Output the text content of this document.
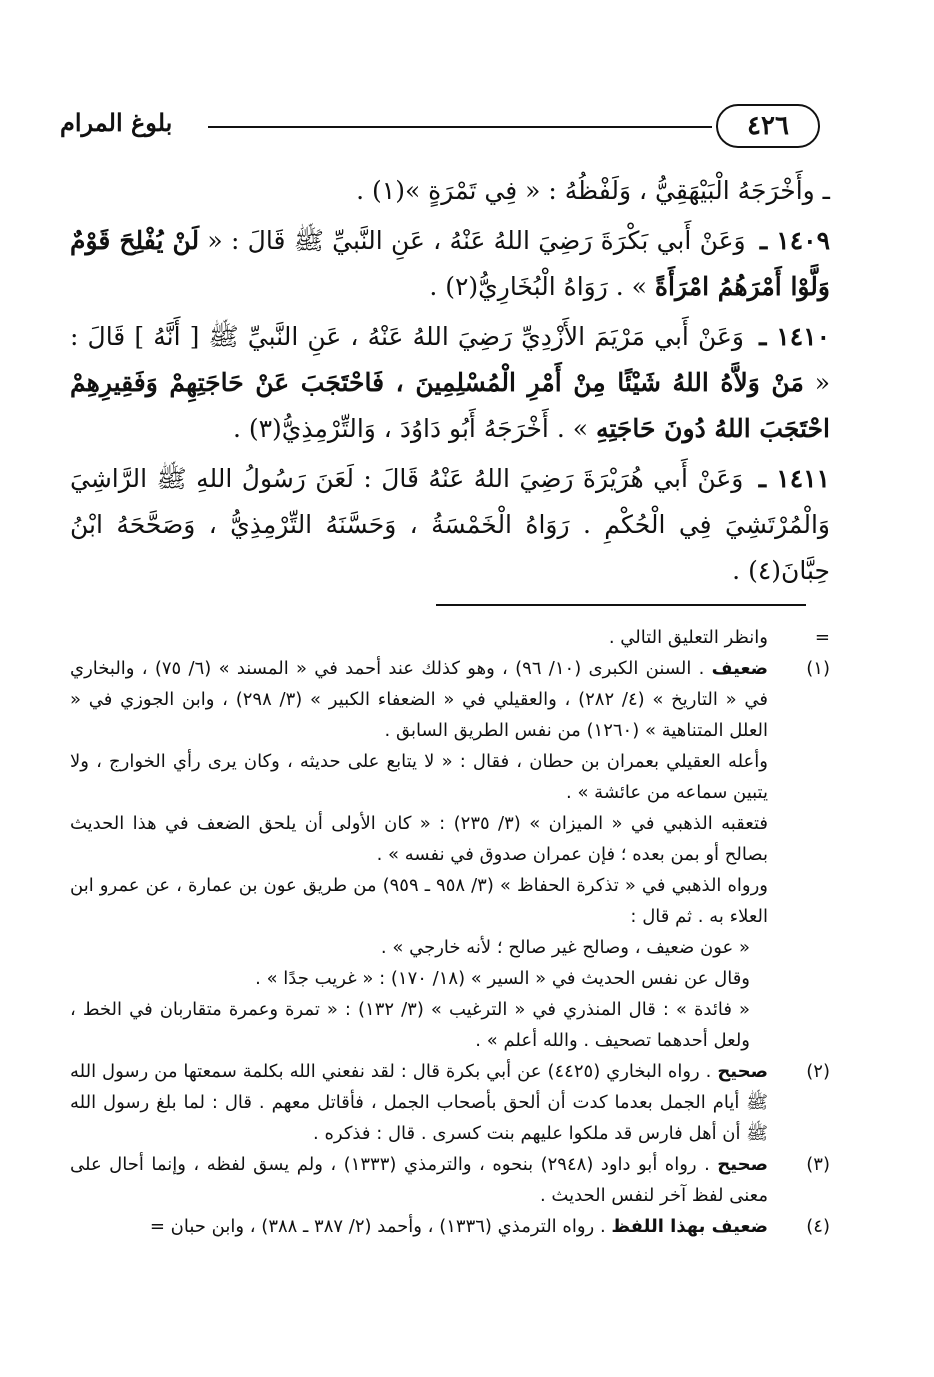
٤٢٦
بلوغ المرام

ـ وأَخْرَجَهُ الْبَيْهَقِيُّ ، وَلَفْظُهُ : « فِي تَمْرَةٍ »(١) .

١٤٠٩ ـ وَعَنْ أَبي بَكْرَةَ رَضِيَ اللهُ عَنْهُ ، عَنِ النَّبيِّ ﷺ قَالَ : « لَنْ يُفْلِحَ قَوْمٌ وَلَّوْا أَمْرَهُمُ امْرَأَةً » . رَوَاهُ الْبُخَارِيُّ(٢) .

١٤١٠ ـ وَعَنْ أَبي مَرْيَمَ الأَزْدِيِّ رَضِيَ اللهُ عَنْهُ ، عَنِ النَّبيِّ ﷺ [ أَنَّهُ ] قَالَ : « مَنْ وَلاَّهُ اللهُ شَيْئًا مِنْ أَمْرِ الْمُسْلِمِينَ ، فَاحْتَجَبَ عَنْ حَاجَتِهِمْ وَفَقِيرِهِمْ احْتَجَبَ اللهُ دُونَ حَاجَتِهِ » . أَخْرَجَهُ أَبُو دَاوُدَ ، وَالتِّرْمِذِيُّ(٣) .

١٤١١ ـ وَعَنْ أَبي هُرَيْرَةَ رَضِيَ اللهُ عَنْهُ قَالَ : لَعَنَ رَسُولُ اللهِ ﷺ الرَّاشِيَ وَالْمُرْتَشِيَ فِي الْحُكْمِ . رَوَاهُ الْخَمْسَةُ ، وَحَسَّنَهُ التِّرْمِذِيُّ ، وَصَحَّحَهُ ابْنُ حِبَّانَ(٤) .

=
وانظر التعليق التالي .
(١)
ضعيف . السنن الكبرى (١٠/ ٩٦) ، وهو كذلك عند أحمد في « المسند » (٦/ ٧٥) ، والبخاري في « التاريخ » (٤/ ٢٨٢) ، والعقيلي في « الضعفاء الكبير » (٣/ ٢٩٨) ، وابن الجوزي في « العلل المتناهية » (١٢٦٠) من نفس الطريق السابق .
وأعله العقيلي بعمران بن حطان ، فقال : « لا يتابع على حديثه ، وكان يرى رأي الخوارج ، ولا يتبين سماعه من عائشة » .
فتعقبه الذهبي في « الميزان » (٣/ ٢٣٥) : « كان الأولى أن يلحق الضعف في هذا الحديث بصالح أو بمن بعده ؛ فإن عمران صدوق في نفسه » .
ورواه الذهبي في « تذكرة الحفاظ » (٣/ ٩٥٨ ـ ٩٥٩) من طريق عون بن عمارة ، عن عمرو ابن العلاء به . ثم قال :
« عون ضعيف ، وصالح غير صالح ؛ لأنه خارجي » .
وقال عن نفس الحديث في « السير » (١٨/ ١٧٠) : « غريب جدًا » .
« فائدة » : قال المنذري في « الترغيب » (٣/ ١٣٢) : « تمرة وعمرة متقاربان في الخط ، ولعل أحدهما تصحيف . والله أعلم » .
(٢)
صحيح . رواه البخاري (٤٤٢٥) عن أبي بكرة قال : لقد نفعني الله بكلمة سمعتها من رسول الله ﷺ أيام الجمل بعدما كدت أن ألحق بأصحاب الجمل ، فأقاتل معهم . قال : لما بلغ رسول الله ﷺ أن أهل فارس قد ملكوا عليهم بنت كسرى . قال : فذكره .
(٣)
صحيح . رواه أبو داود (٢٩٤٨) بنحوه ، والترمذي (١٣٣٣) ، ولم يسق لفظه ، وإنما أحال على معنى لفظ آخر لنفس الحديث .
(٤)
ضعيف بهذا اللفظ . رواه الترمذي (١٣٣٦) ، وأحمد (٢/ ٣٨٧ ـ ٣٨٨) ، وابن حبان =
